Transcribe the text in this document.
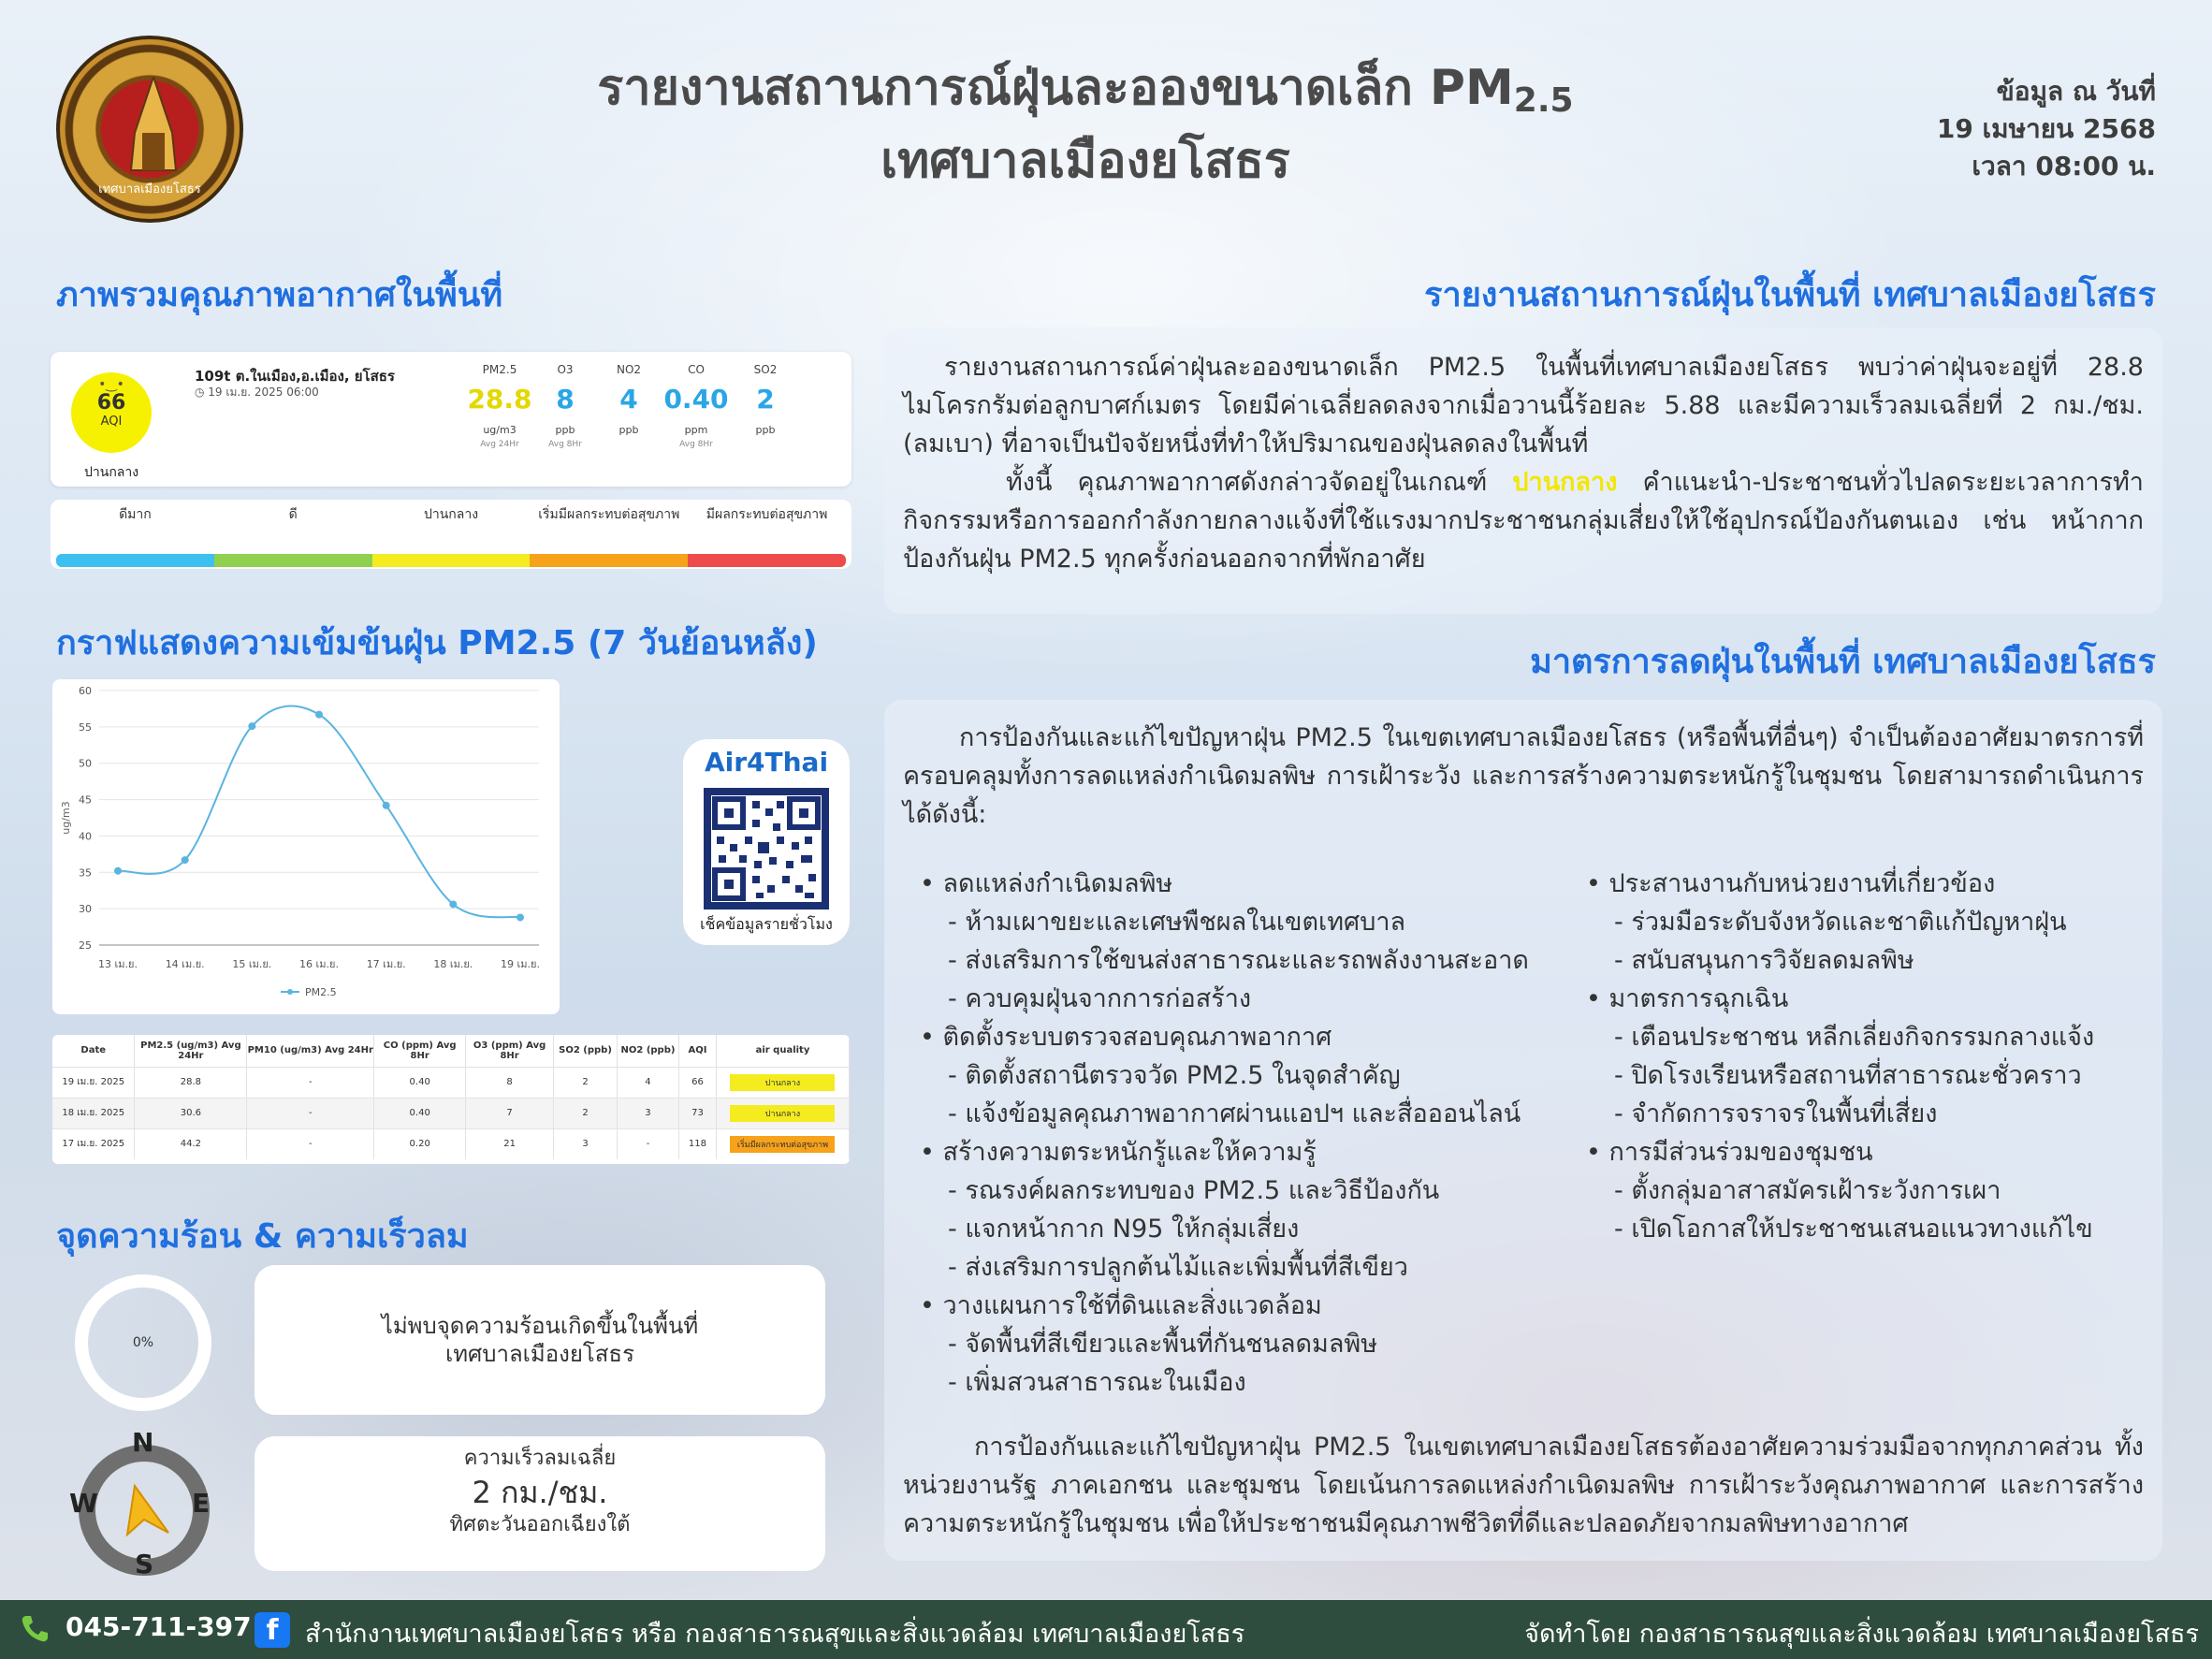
เทศบาลเมืองยโสธร
รายงานสถานการณ์ฝุ่นละอองขนาดเล็ก $PM_{2.5}$
เทศบาลเมืองยโสธร
ข้อมูล ณ วันที่
19 เมษายน 2568
เวลา 08:00 น.
ภาพรวมคุณภาพอากาศในพื้นที่
•‿•
66
AQI
ปานกลาง
109t ต.ในเมือง,อ.เมือง, ยโสธร
◷ 19 เม.ย. 2025 06:00
PM2.5
28.8
ug/m3
Avg 24Hr
O3
8
ppb
Avg 8Hr
NO2
4
ppb
CO
0.40
ppm
Avg 8Hr
SO2
2
ppb
ดีมาก	ดี	ปานกลาง	เริ่มมีผลกระทบต่อสุขภาพ	มีผลกระทบต่อสุขภาพ
กราฟแสดงความเข้มข้นฝุ่น PM2.5 (7 วันย้อนหลัง)
25
30
35
40
45
50
55
60
ug/m3
13 เม.ย.	14 เม.ย.	15 เม.ย.	16 เม.ย.	17 เม.ย.	18 เม.ย.	19 เม.ย.
PM2.5
Air4Thai
เช็คข้อมูลรายชั่วโมง
Date	PM2.5 (ug/m3) Avg 24Hr	PM10 (ug/m3) Avg 24Hr	CO (ppm) Avg 8Hr	O3 (ppm) Avg 8Hr	SO2 (ppb)	NO2 (ppb)	AQI	air quality
19 เม.ย. 2025	28.8	-	0.40	8	2	4	66	ปานกลาง
18 เม.ย. 2025	30.6	-	0.40	7	2	3	73	ปานกลาง
17 เม.ย. 2025	44.2	-	0.20	21	3	-	118	เริ่มมีผลกระทบต่อสุขภาพ
จุดความร้อน & ความเร็วลม
0%
ไม่พบจุดความร้อนเกิดขึ้นในพื้นที่
เทศบาลเมืองยโสธร
N
E
S
W
ความเร็วลมเฉลี่ย
2 กม./ชม.
ทิศตะวันออกเฉียงใต้
รายงานสถานการณ์ฝุ่นในพื้นที่ เทศบาลเมืองยโสธร

รายงานสถานการณ์ค่าฝุ่นละอองขนาดเล็ก PM2.5 ในพื้นที่เทศบาลเมืองยโสธร พบว่าค่าฝุ่นจะอยู่ที่ 28.8 ไมโครกรัมต่อลูกบาศก์เมตร โดยมีค่าเฉลี่ยลดลงจากเมื่อวานนี้ร้อยละ 5.88 และมีความเร็วลมเฉลี่ยที่ 2 กม./ชม. (ลมเบา) ที่อาจเป็นปัจจัยหนึ่งที่ทำให้ปริมาณของฝุ่นลดลงในพื้นที่

ทั้งนี้ คุณภาพอากาศดังกล่าวจัดอยู่ในเกณฑ์ ปานกลาง คำแนะนำ-ประชาชนทั่วไปลดระยะเวลาการทำกิจกรรมหรือการออกกำลังกายกลางแจ้งที่ใช้แรงมากประชาชนกลุ่มเสี่ยงให้ใช้อุปกรณ์ป้องกันตนเอง เช่น หน้ากากป้องกันฝุ่น PM2.5 ทุกครั้งก่อนออกจากที่พักอาศัย

มาตรการลดฝุ่นในพื้นที่ เทศบาลเมืองยโสธร

การป้องกันและแก้ไขปัญหาฝุ่น PM2.5 ในเขตเทศบาลเมืองยโสธร (หรือพื้นที่อื่นๆ) จำเป็นต้องอาศัยมาตรการที่ครอบคลุมทั้งการลดแหล่งกำเนิดมลพิษ การเฝ้าระวัง และการสร้างความตระหนักรู้ในชุมชน โดยสามารถดำเนินการได้ดังนี้:

• ลดแหล่งกำเนิดมลพิษ
- ห้ามเผาขยะและเศษพืชผลในเขตเทศบาล
- ส่งเสริมการใช้ขนส่งสาธารณะและรถพลังงานสะอาด
- ควบคุมฝุ่นจากการก่อสร้าง
• ติดตั้งระบบตรวจสอบคุณภาพอากาศ
- ติดตั้งสถานีตรวจวัด PM2.5 ในจุดสำคัญ
- แจ้งข้อมูลคุณภาพอากาศผ่านแอปฯ และสื่อออนไลน์
• สร้างความตระหนักรู้และให้ความรู้
- รณรงค์ผลกระทบของ PM2.5 และวิธีป้องกัน
- แจกหน้ากาก N95 ให้กลุ่มเสี่ยง
- ส่งเสริมการปลูกต้นไม้และเพิ่มพื้นที่สีเขียว
• วางแผนการใช้ที่ดินและสิ่งแวดล้อม
- จัดพื้นที่สีเขียวและพื้นที่กันชนลดมลพิษ
- เพิ่มสวนสาธารณะในเมือง
• ประสานงานกับหน่วยงานที่เกี่ยวข้อง
- ร่วมมือระดับจังหวัดและชาติแก้ปัญหาฝุ่น
- สนับสนุนการวิจัยลดมลพิษ
• มาตรการฉุกเฉิน
- เตือนประชาชน หลีกเลี่ยงกิจกรรมกลางแจ้ง
- ปิดโรงเรียนหรือสถานที่สาธารณะชั่วคราว
- จำกัดการจราจรในพื้นที่เสี่ยง
• การมีส่วนร่วมของชุมชน
- ตั้งกลุ่มอาสาสมัครเฝ้าระวังการเผา
- เปิดโอกาสให้ประชาชนเสนอแนวทางแก้ไข

การป้องกันและแก้ไขปัญหาฝุ่น PM2.5 ในเขตเทศบาลเมืองยโสธรต้องอาศัยความร่วมมือจากทุกภาคส่วน ทั้งหน่วยงานรัฐ ภาคเอกชน และชุมชน โดยเน้นการลดแหล่งกำเนิดมลพิษ การเฝ้าระวังคุณภาพอากาศ และการสร้างความตระหนักรู้ในชุมชน เพื่อให้ประชาชนมีคุณภาพชีวิตที่ดีและปลอดภัยจากมลพิษทางอากาศ

045-711-397 f	สำนักงานเทศบาลเมืองยโสธร หรือ กองสาธารณสุขและสิ่งแวดล้อม เทศบาลเมืองยโสธร	จัดทำโดย กองสาธารณสุขและสิ่งแวดล้อม เทศบาลเมืองยโสธร
